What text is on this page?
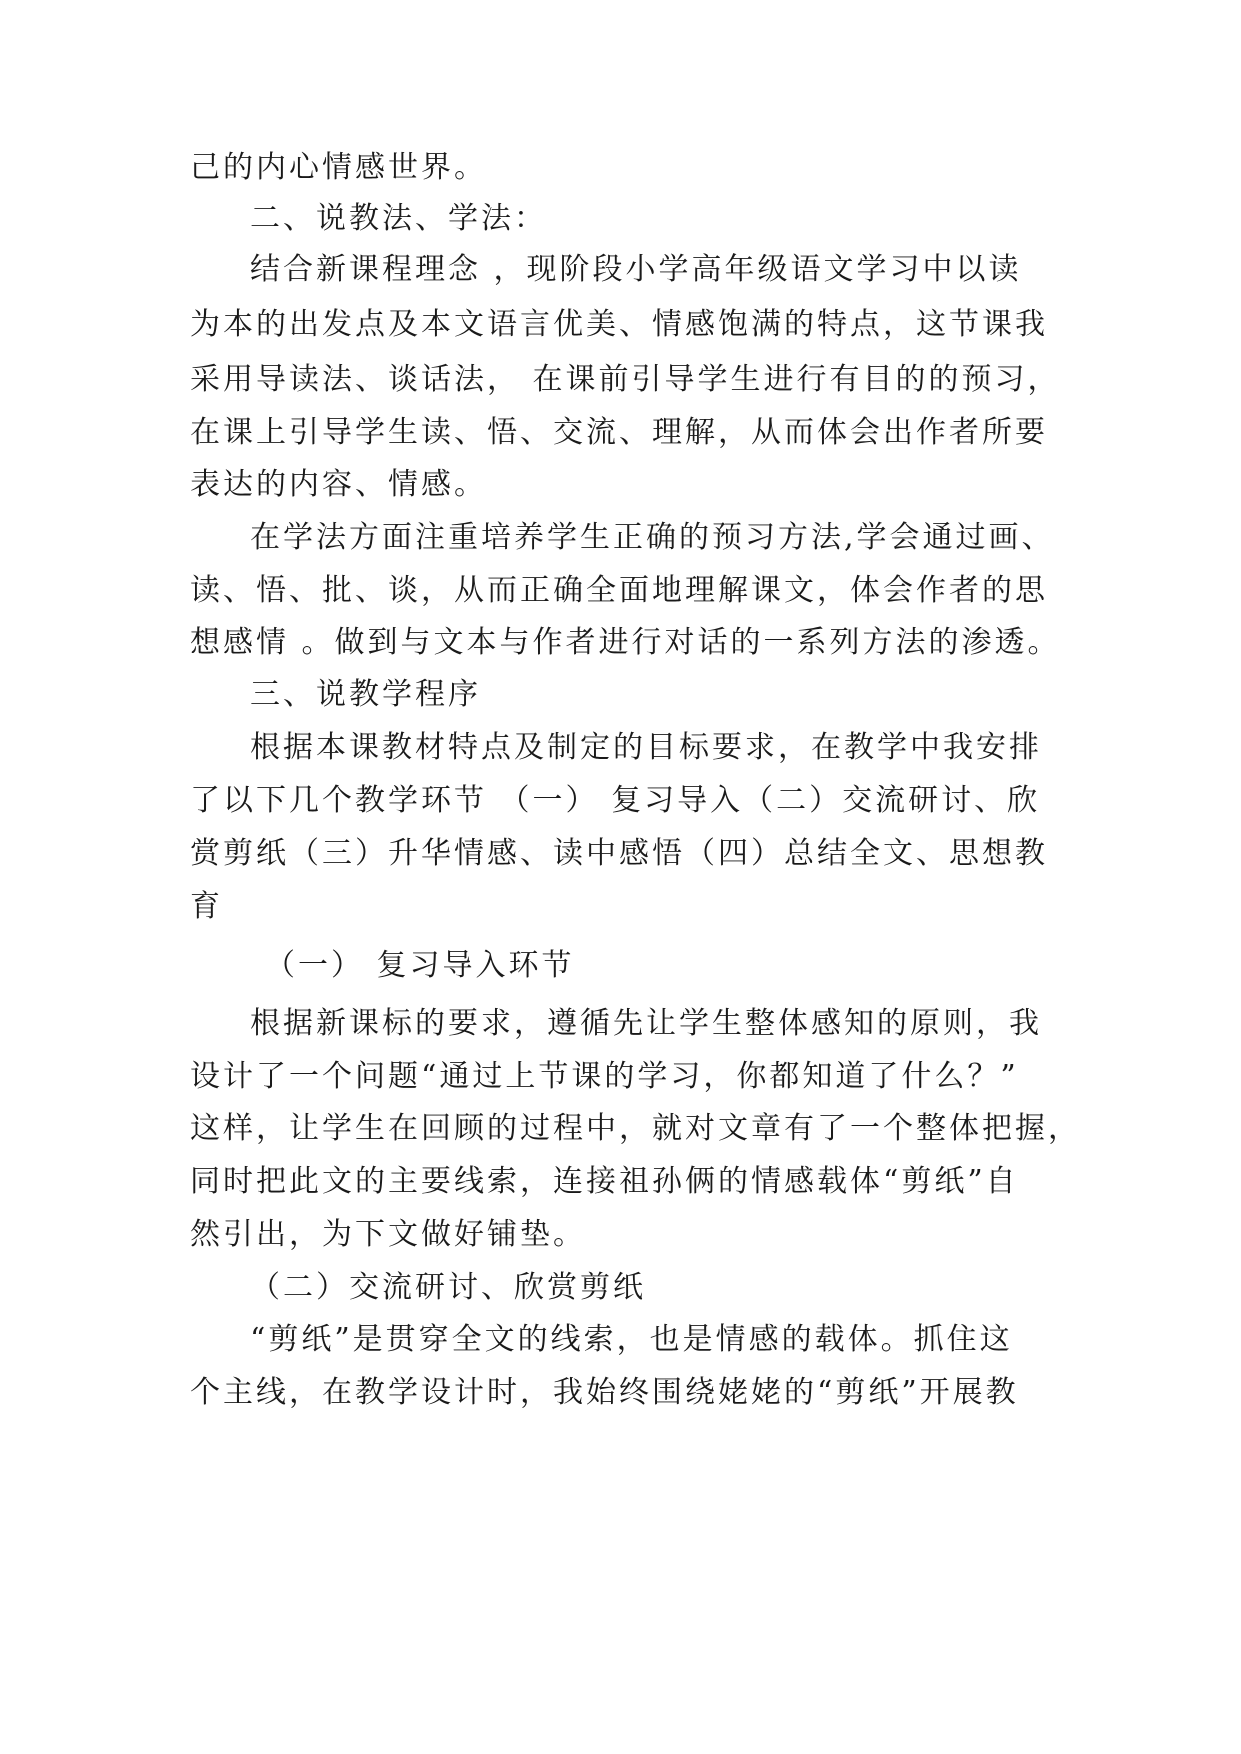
己的内心情感世界。
二、说教法、学法：
结合新课程理念 ，现阶段小学高年级语文学习中以读
为本的出发点及本文语言优美、情感饱满的特点，这节课我
采用导读法、谈话法， 在课前引导学生进行有目的的预习，
在课上引导学生读、悟、交流、理解，从而体会出作者所要
表达的内容、情感。
在学法方面注重培养学生正确的预习方法,学会通过画、
读、悟、批、谈，从而正确全面地理解课文，体会作者的思
想感情 。做到与文本与作者进行对话的一系列方法的渗透。
三、说教学程序
根据本课教材特点及制定的目标要求，在教学中我安排
了以下几个教学环节 （一） 复习导入（二）交流研讨、欣
赏剪纸（三）升华情感、读中感悟（四）总结全文、思想教
育
（一） 复习导入环节
根据新课标的要求，遵循先让学生整体感知的原则，我
设计了一个问题“通过上节课的学习，你都知道了什么？”
这样，让学生在回顾的过程中，就对文章有了一个整体把握，
同时把此文的主要线索，连接祖孙俩的情感载体“剪纸”自
然引出，为下文做好铺垫。
（二）交流研讨、欣赏剪纸
“剪纸”是贯穿全文的线索，也是情感的载体。抓住这
个主线，在教学设计时，我始终围绕姥姥的“剪纸”开展教
